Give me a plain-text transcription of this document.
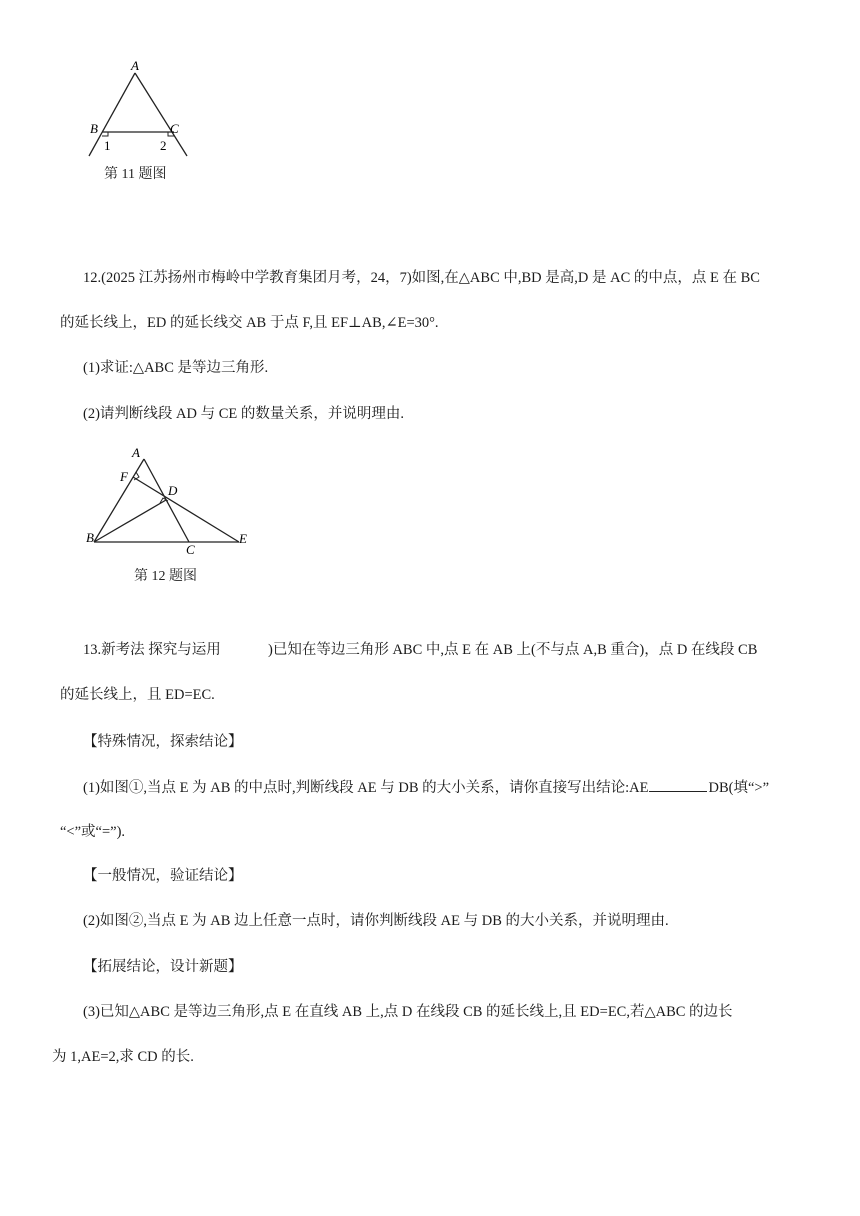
A
B	C
1	2
第 11 题图
12.(2025 江苏扬州市梅岭中学教育集团月考，24，7)如图,在△ABC 中,BD 是高,D 是 AC 的中点，点 E 在 BC
的延长线上，ED 的延长线交 AB 于点 F,且 EF⊥AB,∠E=30°.
(1)求证:△ABC 是等边三角形.
(2)请判断线段 AD 与 CE 的数量关系，并说明理由.
A
F
D
B
C
E
第 12 题图
13.新考法 探究与运用	)已知在等边三角形 ABC 中,点 E 在 AB 上(不与点 A,B 重合)，点 D 在线段 CB
的延长线上，且 ED=EC.
【特殊情况，探索结论】
(1)如图①,当点 E 为 AB 的中点时,判断线段 AE 与 DB 的大小关系，请你直接写出结论:AE	DB(填“>”
“<”或“=”).
【一般情况，验证结论】
(2)如图②,当点 E 为 AB 边上任意一点时，请你判断线段 AE 与 DB 的大小关系，并说明理由.
【拓展结论，设计新题】
(3)已知△ABC 是等边三角形,点 E 在直线 AB 上,点 D 在线段 CB 的延长线上,且 ED=EC,若△ABC 的边长
为 1,AE=2,求 CD 的长.
